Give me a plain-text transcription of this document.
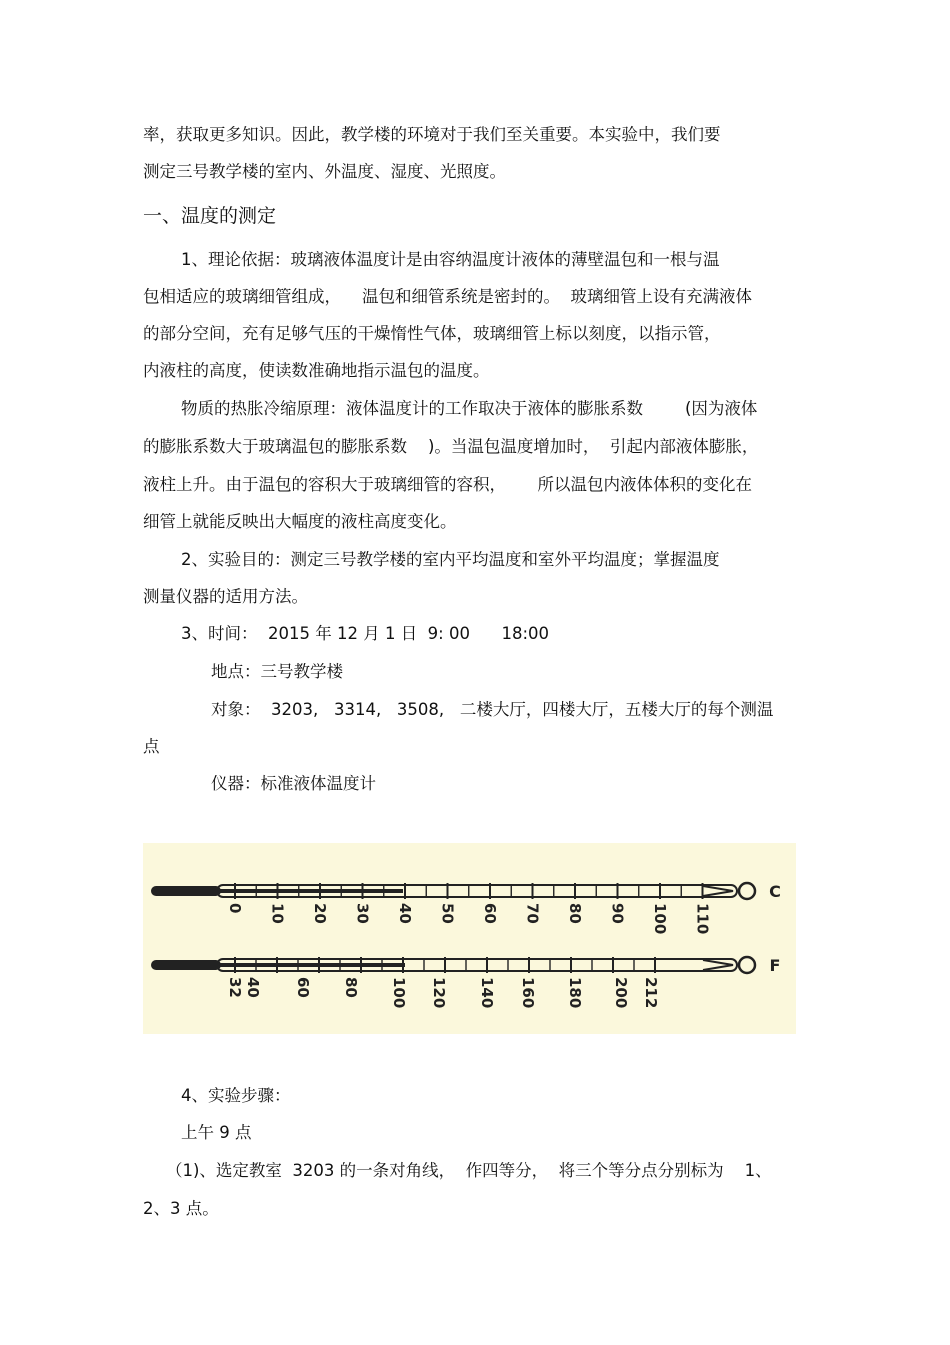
率，获取更多知识。因此，教学楼的环境对于我们至关重要。本实验中，我们要
测定三号教学楼的室内、外温度、湿度、光照度。
一、温度的测定
1、理论依据：玻璃液体温度计是由容纳温度计液体的薄壁温包和一根与温
包相适应的玻璃细管组成，    温包和细管系统是密封的。  玻璃细管上设有充满液体
的部分空间，充有足够气压的干燥惰性气体，玻璃细管上标以刻度，以指示管，
内液柱的高度，使读数准确地指示温包的温度。
物质的热胀冷缩原理：液体温度计的工作取决于液体的膨胀系数        (因为液体
的膨胀系数大于玻璃温包的膨胀系数    )。当温包温度增加时，  引起内部液体膨胀，
液柱上升。由于温包的容积大于玻璃细管的容积，      所以温包内液体体积的变化在
细管上就能反映出大幅度的液柱高度变化。
2、实验目的：测定三号教学楼的室内平均温度和室外平均温度；掌握温度
测量仪器的适用方法。
3、时间：  2015 年 12 月 1 日  9: 00      18:00
地点：三号教学楼
对象：  3203,   3314,   3508,   二楼大厅，四楼大厅，五楼大厅的每个测温
点
仪器：标准液体温度计
C
0 10 20 30 40 50 60 70 80 90 100 110
F
32 40 60 80 100 120 140 160 180 200 212
4、实验步骤：
上午 9 点
（1)、选定教室  3203 的一条对角线，  作四等分，  将三个等分点分别标为    1、
2、3 点。
